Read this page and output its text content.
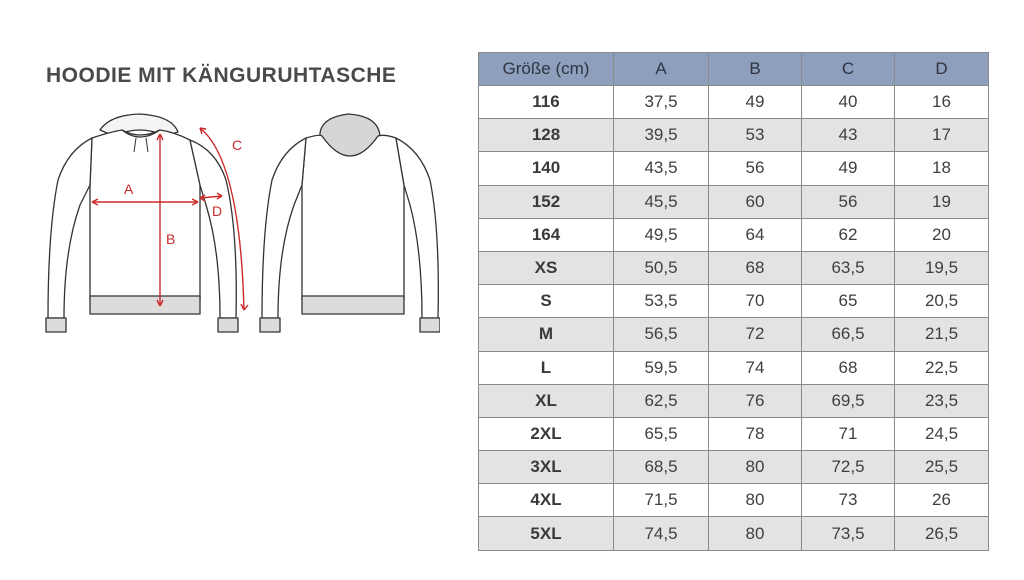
HOODIE MIT KÄNGURUHTASCHE
A
B
C
D
Größe (cm)	A	B	C	D
116	37,5	49	40	16
128	39,5	53	43	17
140	43,5	56	49	18
152	45,5	60	56	19
164	49,5	64	62	20
XS	50,5	68	63,5	19,5
S	53,5	70	65	20,5
M	56,5	72	66,5	21,5
L	59,5	74	68	22,5
XL	62,5	76	69,5	23,5
2XL	65,5	78	71	24,5
3XL	68,5	80	72,5	25,5
4XL	71,5	80	73	26
5XL	74,5	80	73,5	26,5
